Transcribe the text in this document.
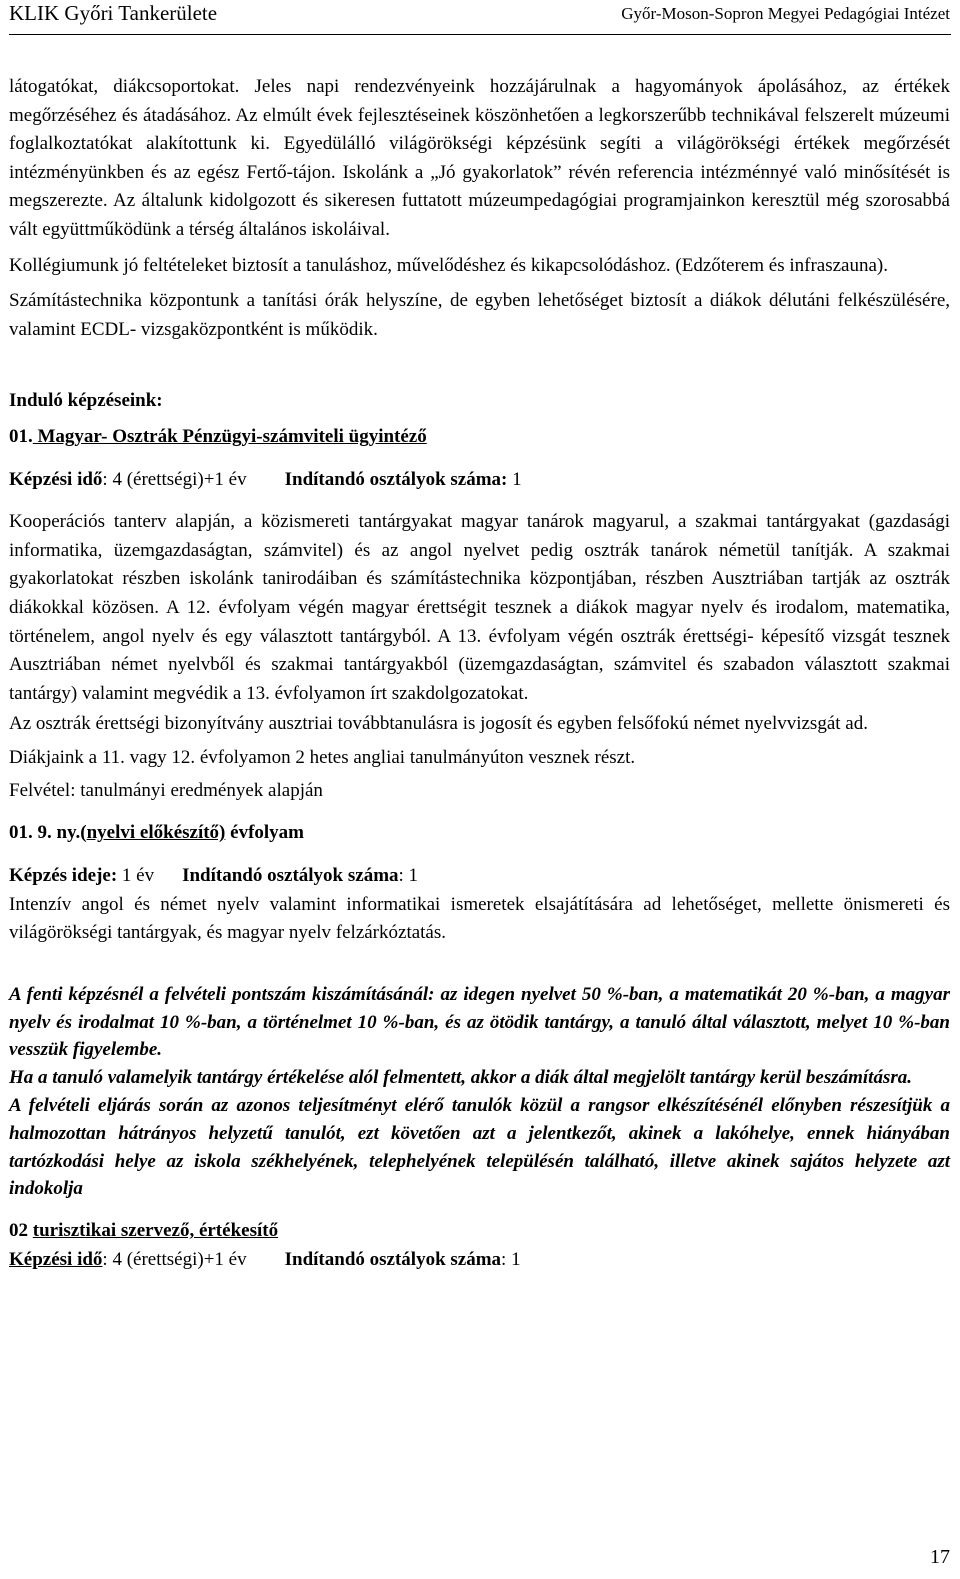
KLIK Győri Tankerülete	Győr-Moson-Sopron Megyei Pedagógiai Intézet

látogatókat, diákcsoportokat. Jeles napi rendezvényeink hozzájárulnak a hagyományok ápolásához, az értékek megőrzéséhez és átadásához. Az elmúlt évek fejlesztéseinek köszönhetően a legkorszerűbb technikával felszerelt múzeumi foglalkoztatókat alakítottunk ki. Egyedülálló világörökségi képzésünk segíti a világörökségi értékek megőrzését intézményünkben és az egész Fertő-tájon. Iskolánk a „Jó gyakorlatok” révén referencia intézménnyé való minősítését is megszerezte. Az általunk kidolgozott és sikeresen futtatott múzeumpedagógiai programjainkon keresztül még szorosabbá vált együttműködünk a térség általános iskoláival.

Kollégiumunk jó feltételeket biztosít a tanuláshoz, művelődéshez és kikapcsolódáshoz. (Edzőterem és infraszauna).

Számítástechnika központunk a tanítási órák helyszíne, de egyben lehetőséget biztosít a diákok délutáni felkészülésére, valamint ECDL- vizsgaközpontként is működik.

Induló képzéseink:

01. Magyar- Osztrák Pénzügyi-számviteli ügyintéző

Képzési idő: 4 (érettségi)+1 év Indítandó osztályok száma: 1

Kooperációs tanterv alapján, a közismereti tantárgyakat magyar tanárok magyarul, a szakmai tantárgyakat (gazdasági informatika, üzemgazdaságtan, számvitel) és az angol nyelvet pedig osztrák tanárok németül tanítják. A szakmai gyakorlatokat részben iskolánk tanirodáiban és számítástechnika központjában, részben Ausztriában tartják az osztrák diákokkal közösen. A 12. évfolyam végén magyar érettségit tesznek a diákok magyar nyelv és irodalom, matematika, történelem, angol nyelv és egy választott tantárgyból. A 13. évfolyam végén osztrák érettségi- képesítő vizsgát tesznek Ausztriában német nyelvből és szakmai tantárgyakból (üzemgazdaságtan, számvitel és szabadon választott szakmai tantárgy) valamint megvédik a 13. évfolyamon írt szakdolgozatokat.

Az osztrák érettségi bizonyítvány ausztriai továbbtanulásra is jogosít és egyben felsőfokú német nyelvvizsgát ad.

Diákjaink a 11. vagy 12. évfolyamon 2 hetes angliai tanulmányúton vesznek részt.

Felvétel: tanulmányi eredmények alapján

01. 9. ny.(nyelvi előkészítő) évfolyam

Képzés ideje: 1 év Indítandó osztályok száma: 1

Intenzív angol és német nyelv valamint informatikai ismeretek elsajátítására ad lehetőséget, mellette önismereti és világörökségi tantárgyak, és magyar nyelv felzárkóztatás.

A fenti képzésnél a felvételi pontszám kiszámításánál: az idegen nyelvet 50 %-ban, a matematikát 20 %-ban, a magyar nyelv és irodalmat 10 %-ban, a történelmet 10 %-ban, és az ötödik tantárgy, a tanuló által választott, melyet 10 %-ban vesszük figyelembe.

Ha a tanuló valamelyik tantárgy értékelése alól felmentett, akkor a diák által megjelölt tantárgy kerül beszámításra.

A felvételi eljárás során az azonos teljesítményt elérő tanulók közül a rangsor elkészítésénél előnyben részesítjük a halmozottan hátrányos helyzetű tanulót, ezt követően azt a jelentkezőt, akinek a lakóhelye, ennek hiányában tartózkodási helye az iskola székhelyének, telephelyének településén található, illetve akinek sajátos helyzete azt indokolja

02 turisztikai szervező, értékesítő

Képzési idő: 4 (érettségi)+1 év Indítandó osztályok száma: 1

17
